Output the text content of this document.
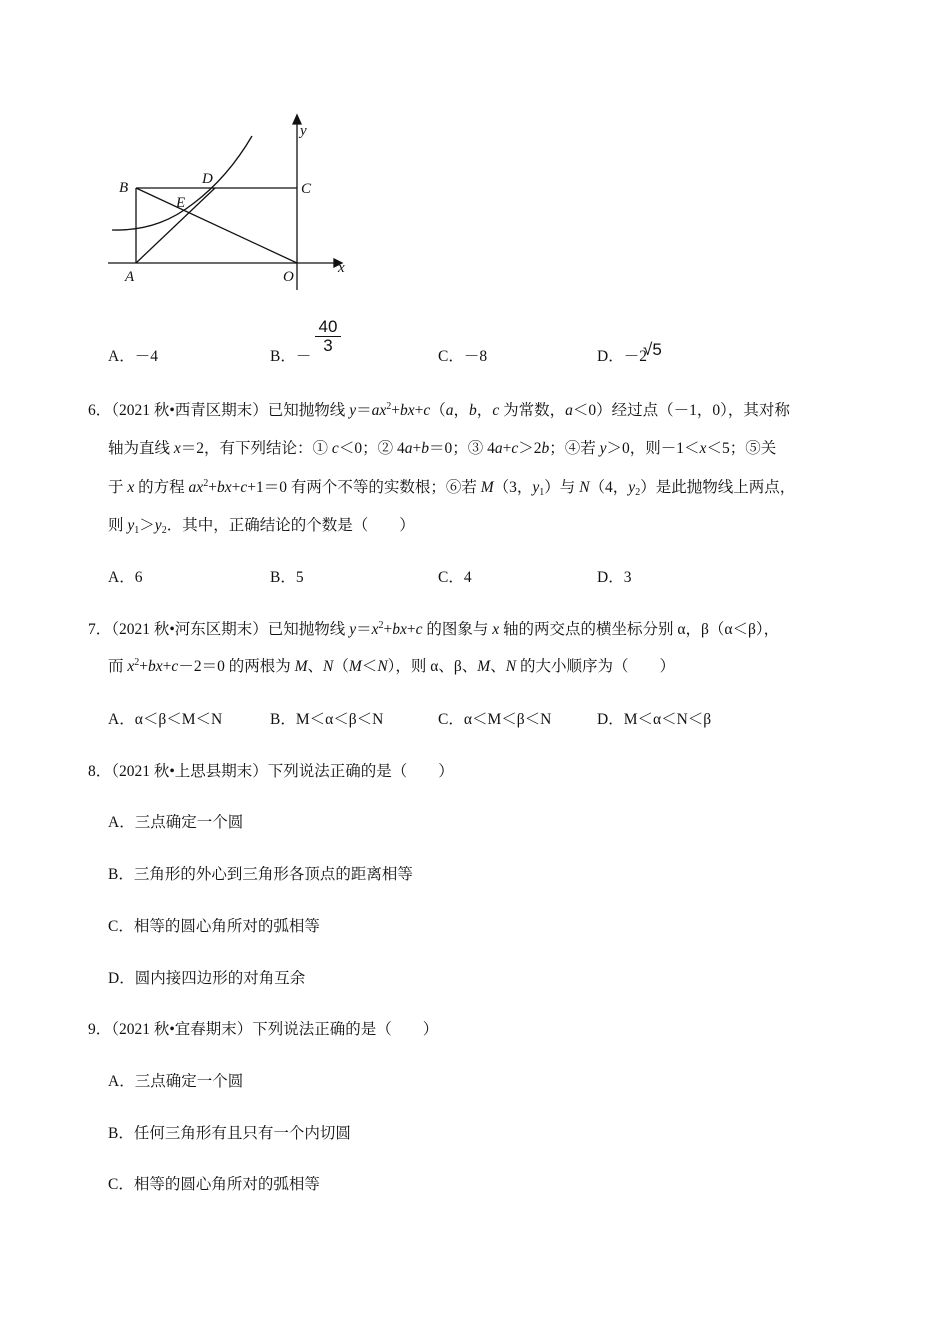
B
D
C
E
A	O
x
y
A．－4	B．－
$\frac{40}{3}$
C．－8	D．－2
√5
6．（2021 秋•西青区期末）已知抛物线 $y=ax^2+bx+c(a$，b，c 为常数，a＜0）经过点（－1，0），其对称
轴为直线 x＝2，有下列结论：① c＜0；② 4a+b＝0；③ 4a+c＞2b；④若 y＞0，则－1＜x＜5；⑤关
于 x 的方程 $ax^2+bx+c+1=0$ 有两个不等的实数根；⑥若 M（3，$y_1$）与 N（4，$y_2$）是此抛物线上两点，
则 $y_1>y_2$．其中，正确结论的个数是（　　）
A．6	B．5	C．4	D．3
7．（2021 秋•河东区期末）已知抛物线 $y=x^2+bx+c$ 的图象与 x 轴的两交点的横坐标分别 α，β（α＜β），
而 $x^2+bx+c-2=0$ 的两根为 M、N（M＜N），则 α、β、M、N 的大小顺序为（　　）
A．α＜β＜M＜N	B．M＜α＜β＜N	C．α＜M＜β＜N	D．M＜α＜N＜β
8．（2021 秋•上思县期末）下列说法正确的是（　　）
A．三点确定一个圆
B．三角形的外心到三角形各顶点的距离相等
C．相等的圆心角所对的弧相等
D．圆内接四边形的对角互余
9．（2021 秋•宜春期末）下列说法正确的是（　　）
A．三点确定一个圆
B．任何三角形有且只有一个内切圆
C．相等的圆心角所对的弧相等
